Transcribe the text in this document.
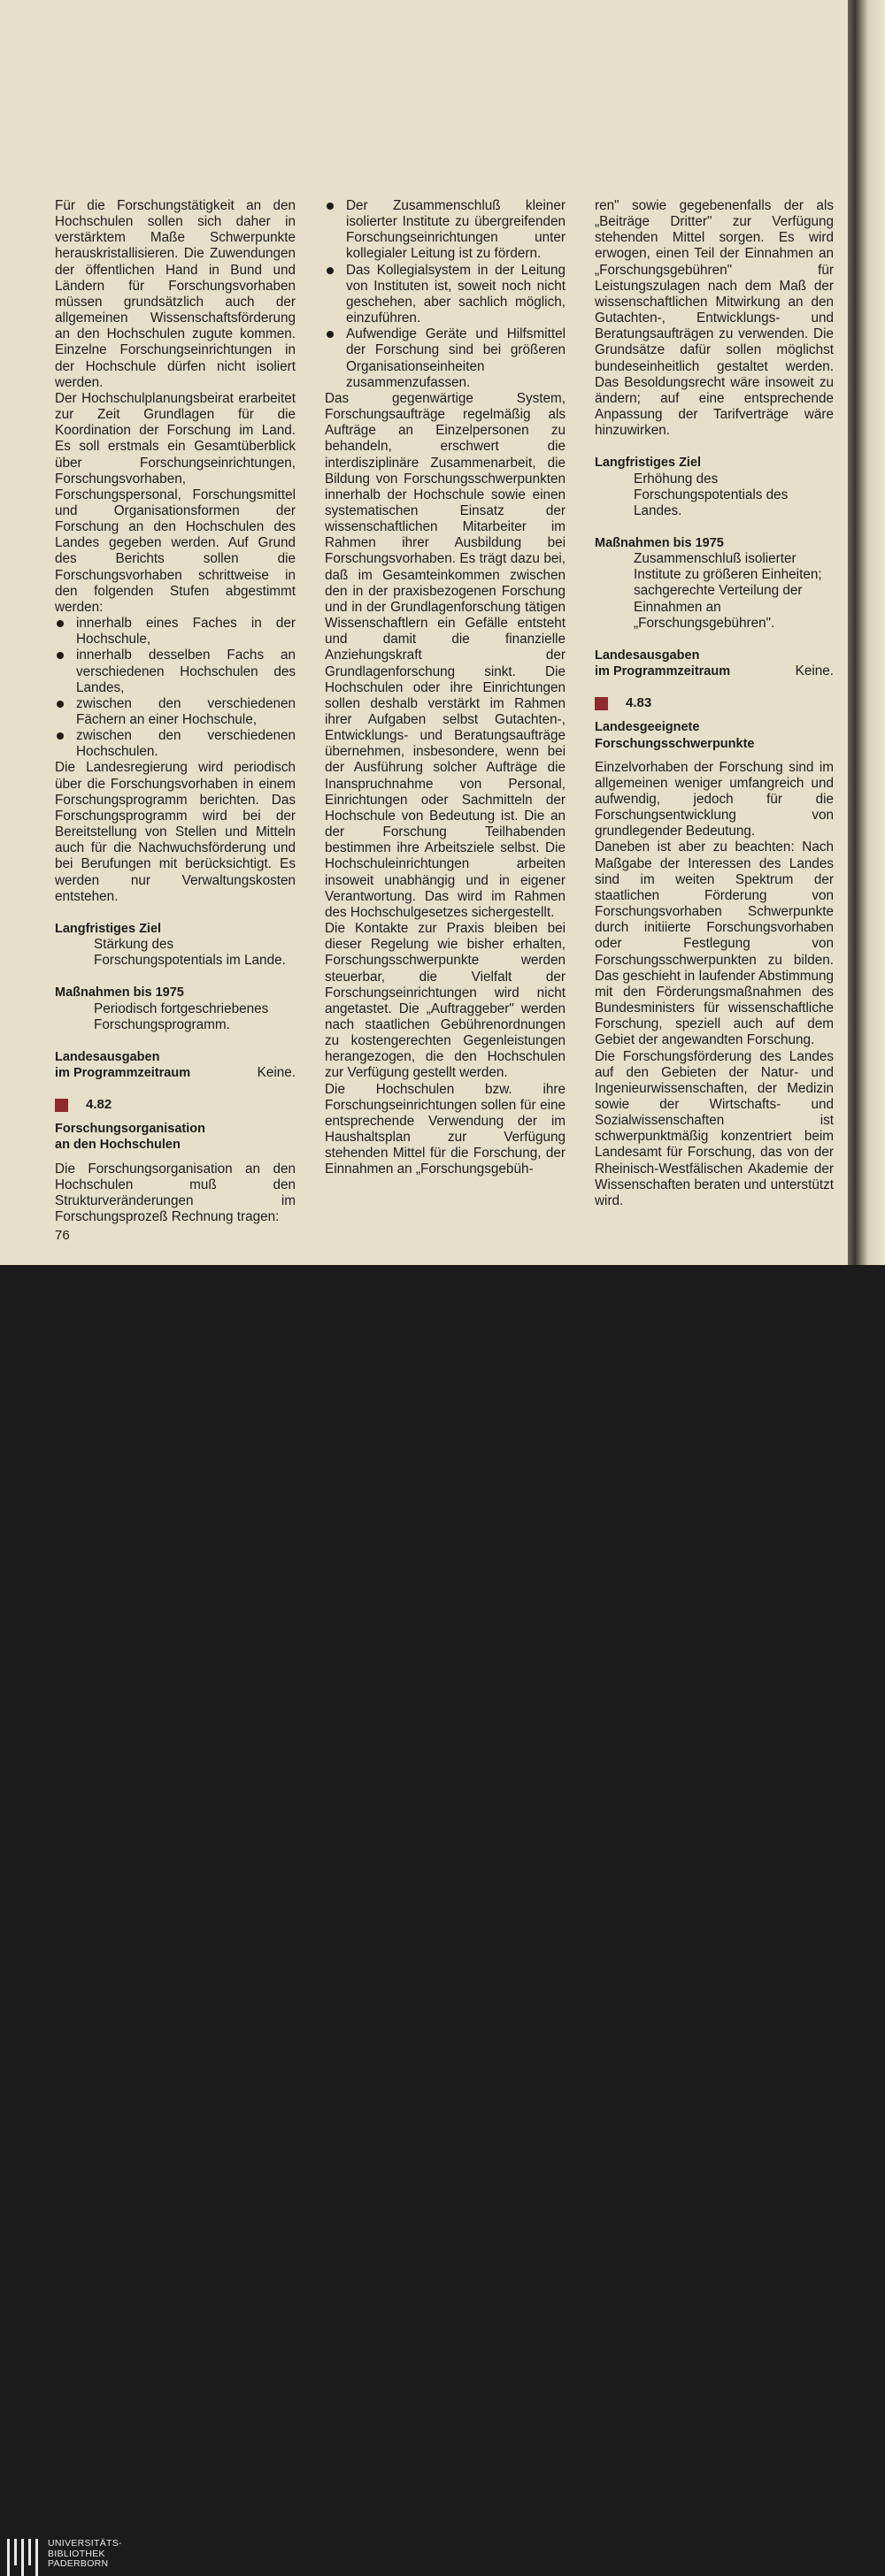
Für die Forschungstätigkeit an den Hochschulen sollen sich daher in verstärktem Maße Schwerpunkte herauskristallisieren. Die Zuwendungen der öffentlichen Hand in Bund und Ländern für Forschungsvorhaben müssen grundsätzlich auch der allgemeinen Wissenschaftsförderung an den Hochschulen zugute kommen. Einzelne Forschungseinrichtungen in der Hochschule dürfen nicht isoliert werden.

Der Hochschulplanungsbeirat erarbeitet zur Zeit Grundlagen für die Koordination der Forschung im Land. Es soll erstmals ein Gesamtüberblick über Forschungseinrichtungen, Forschungsvorhaben, Forschungspersonal, Forschungsmittel und Organisationsformen der Forschung an den Hochschulen des Landes gegeben werden. Auf Grund des Berichts sollen die Forschungsvorhaben schrittweise in den folgenden Stufen abgestimmt werden:

innerhalb eines Faches in der Hochschule,

innerhalb desselben Fachs an verschiedenen Hochschulen des Landes,

zwischen den verschiedenen Fächern an einer Hochschule,

zwischen den verschiedenen Hochschulen.

Die Landesregierung wird periodisch über die Forschungsvorhaben in einem Forschungsprogramm berichten. Das Forschungsprogramm wird bei der Bereitstellung von Stellen und Mitteln auch für die Nachwuchsförderung und bei Berufungen mit berücksichtigt. Es werden nur Verwaltungskosten entstehen.

Langfristiges Ziel

Stärkung des Forschungspotentials im Lande.

Maßnahmen bis 1975

Periodisch fortgeschriebenes Forschungsprogramm.

Landesausgaben

im Programmzeitraum	Keine.

4.82

Forschungsorganisation

an den Hochschulen

Die Forschungsorganisation an den Hochschulen muß den Strukturveränderungen im Forschungsprozeß Rechnung tragen:

Der Zusammenschluß kleiner isolierter Institute zu übergreifenden Forschungseinrichtungen unter kollegialer Leitung ist zu fördern.

Das Kollegialsystem in der Leitung von Instituten ist, soweit noch nicht geschehen, aber sachlich möglich, einzuführen.

Aufwendige Geräte und Hilfsmittel der Forschung sind bei größeren Organisationseinheiten zusammenzufassen.

Das gegenwärtige System, Forschungsaufträge regelmäßig als Aufträge an Einzelpersonen zu behandeln, erschwert die interdisziplinäre Zusammenarbeit, die Bildung von Forschungsschwerpunkten innerhalb der Hochschule sowie einen systematischen Einsatz der wissenschaftlichen Mitarbeiter im Rahmen ihrer Ausbildung bei Forschungsvorhaben. Es trägt dazu bei, daß im Gesamteinkommen zwischen den in der praxisbezogenen Forschung und in der Grundlagenforschung tätigen Wissenschaftlern ein Gefälle entsteht und damit die finanzielle Anziehungskraft der Grundlagenforschung sinkt. Die Hochschulen oder ihre Einrichtungen sollen deshalb verstärkt im Rahmen ihrer Aufgaben selbst Gutachten-, Entwicklungs- und Beratungsaufträge übernehmen, insbesondere, wenn bei der Ausführung solcher Aufträge die Inanspruchnahme von Personal, Einrichtungen oder Sachmitteln der Hochschule von Bedeutung ist. Die an der Forschung Teilhabenden bestimmen ihre Arbeitsziele selbst. Die Hochschuleinrichtungen arbeiten insoweit unabhängig und in eigener Verantwortung. Das wird im Rahmen des Hochschulgesetzes sichergestellt.

Die Kontakte zur Praxis bleiben bei dieser Regelung wie bisher erhalten, Forschungsschwerpunkte werden steuerbar, die Vielfalt der Forschungseinrichtungen wird nicht angetastet. Die „Auftraggeber" werden nach staatlichen Gebührenordnungen zu kostengerechten Gegenleistungen herangezogen, die den Hochschulen zur Verfügung gestellt werden.

Die Hochschulen bzw. ihre Forschungseinrichtungen sollen für eine entsprechende Verwendung der im Haushaltsplan zur Verfügung stehenden Mittel für die Forschung, der Einnahmen an „Forschungsgebüh-

ren" sowie gegebenenfalls der als „Beiträge Dritter" zur Verfügung stehenden Mittel sorgen. Es wird erwogen, einen Teil der Einnahmen an „Forschungsgebühren" für Leistungszulagen nach dem Maß der wissenschaftlichen Mitwirkung an den Gutachten-, Entwicklungs- und Beratungsaufträgen zu verwenden. Die Grundsätze dafür sollen möglichst bundeseinheitlich gestaltet werden. Das Besoldungsrecht wäre insoweit zu ändern; auf eine entsprechende Anpassung der Tarifverträge wäre hinzuwirken.

Langfristiges Ziel

Erhöhung des Forschungspotentials des Landes.

Maßnahmen bis 1975

Zusammenschluß isolierter Institute zu größeren Einheiten; sachgerechte Verteilung der Einnahmen an „Forschungsgebühren".

Landesausgaben

im Programmzeitraum	Keine.

4.83

Landesgeeignete

Forschungsschwerpunkte

Einzelvorhaben der Forschung sind im allgemeinen weniger umfangreich und aufwendig, jedoch für die Forschungsentwicklung von grundlegender Bedeutung.

Daneben ist aber zu beachten: Nach Maßgabe der Interessen des Landes sind im weiten Spektrum der staatlichen Förderung von Forschungsvorhaben Schwerpunkte durch initiierte Forschungsvorhaben oder Festlegung von Forschungsschwerpunkten zu bilden. Das geschieht in laufender Abstimmung mit den Förderungsmaßnahmen des Bundesministers für wissenschaftliche Forschung, speziell auch auf dem Gebiet der angewandten Forschung.

Die Forschungsförderung des Landes auf den Gebieten der Natur- und Ingenieurwissenschaften, der Medizin sowie der Wirtschafts- und Sozialwissenschaften ist schwerpunktmäßig konzentriert beim Landesamt für Forschung, das von der Rheinisch-Westfälischen Akademie der Wissenschaften beraten und unterstützt wird.

76
UNIVERSITÄTS-
BIBLIOTHEK
PADERBORN
